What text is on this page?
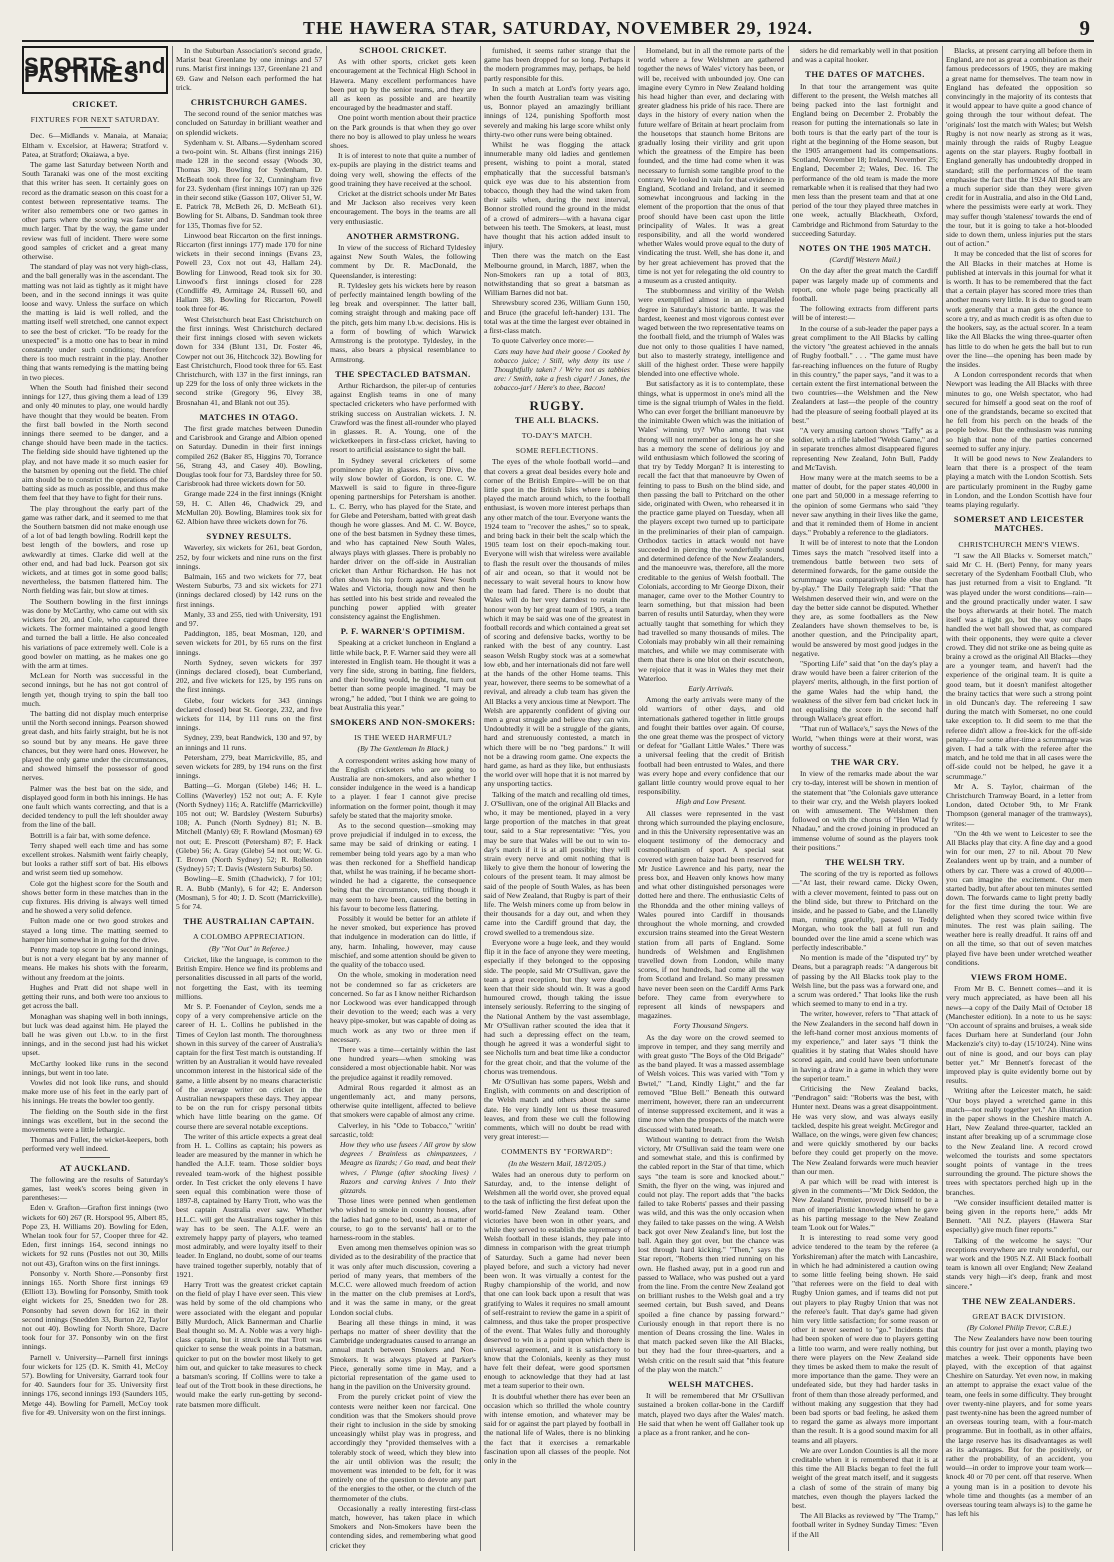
THE HAWERA STAR, SATURDAY, NOVEMBER 29, 1924.	9
SPORTS and PASTIMES
CRICKET.
FIXTURES FOR NEXT SATURDAY.

Dec. 6—Midlands v. Manaia, at Manaia; Eltham v. Excelsior, at Hawera; Stratford v. Patea, at Stratford; Okaiawa, a bye.

The game last Saturday between North and South Taranaki was one of the most exciting that this writer has seen. It certainly goes on record as the dramatic season on this coast for a contest between representative teams. The writer also remembers one or two games in other parts where the scoring was faster and much larger. That by the way, the game under review was full of incident. There were some good samples of cricket and a great many otherwise.

The standard of play was not very high-class, and the ball generally was in the ascendant. The matting was not laid as tightly as it might have been, and in the second innings it was quite loose and wavy. Unless the surface on which the matting is laid is well rolled, and the matting itself well stretched, one cannot expect to see the best of cricket. "To be ready for the unexpected" is a motto one has to bear in mind constantly under such conditions; therefore there is too much restraint in the play. Another thing that wants remedying is the matting being in two pieces.

When the South had finished their second innings for 127, thus giving them a lead of 139 and only 40 minutes to play, one would hardly have thought that they would be beaten. From the first ball bowled in the North second innings there seemed to be danger, and a change should have been made in the tactics. The fielding side should have tightened up the play, and not have made it so much easier for the batsmen by opening out the field. The chief aim should be to constrict the operations of the batting side as much as possible, and thus make them feel that they have to fight for their runs.

The play throughout the early part of the game was rather dark, and it seemed to me that the Southern batsmen did not make enough use of a lot of bad length bowling. Rodrill kept the best length of the bowlers, and rose up awkwardly at times. Clarke did well at the other end, and had bad luck. Pearson got six wickets, and at times got in some good balls; nevertheless, the batsmen flattered him. The North fielding was fair, but slow at times.

The Southern bowling in the first innings was done by McCarthy, who came out with six wickets for 20, and Cole, who captured three wickets. The former maintained a good length and turned the ball a little. He also concealed his variations of pace extremely well. Cole is a good bowler on matting, as he makes one go with the arm at times.

McLean for North was successful in the second innings, but he has not got control of length yet, though trying to spin the ball too much.

The batting did not display much enterprise until the North second innings. Pearson showed great dash, and hits fairly straight, but he is not so sound but by any means. He gave three chances, but they were hard ones. However, he played the only game under the circumstances, and showed himself the possessor of good nerves.

Palmer was the best bat on the side, and displayed good form in both his innings. He has one fault which wants correcting, and that is a decided tendency to pull the left shoulder away from the line of the ball.

Bottrill is a fair bat, with some defence.

Terry shaped well each time and has some excellent strokes. Nalsmith went fairly cheaply, but looks a rather stiff sort of bat. His elbows and wrist seem tied up somehow.

Cole got the highest score for the South and shows better form in these matches than in the cup fixtures. His driving is always well timed and he showed a very solid defence.

Fulton made one or two good strokes and stayed a long time. The matting seemed to hamper him somewhat in going for the drive.

Penny made top score in the second innings, but is not a very elegant bat by any manner of means. He makes his shots with the forearm, without any freedom at the joints.

Hughes and Pratt did not shape well in getting their runs, and both were too anxious to get across the ball.

Monaghan was shaping well in both innings, but luck was dead against him. He played the ball he was given out l.b.w. to in the first innings, and in the second just had his wicket upset.

McCarthy looked like runs in the second innings, but went in too late.

Vowles did not look like runs, and should make more use of his feet in the early part of his innings. He treats the bowler too gently.

The fielding on the South side in the first innings was excellent, but in the second the movements were a little lethargic.

Thomas and Fuller, the wicket-keepers, both performed very well indeed.

AT AUCKLAND.

The following are the results of Saturday's games, last week's scores being given in parentheses:—

Eden v. Grafton—Grafton first innings (two wickets for 60) 267 (R. Horspool 95, Albert 85, Pope 23, H. Williams 20). Bowling for Eden, Whelan took four for 57, Cooper three for 42. Eden, first innings 164, second innings no wickets for 92 runs (Postles not out 30, Mills not out 43), Grafton wins on the first innings.

Ponsonby v. North Shore.—Ponsonby first innings 165. North Shore first innings 69 (Elliott 13). Bowling for Ponsonby, Smith took eight wickets for 25, Snedden two for 28. Ponsonby had seven down for 162 in their second innings (Snedden 33, Burton 22, Taylor not out 40). Bowling for North Shore, Dacre took four for 37. Ponsonby win on the first innings.

Parnell v. University—Parnell first innings four wickets for 125 (D. K. Smith 41, McCoy 57). Bowling for University, Garrard took four for 40. Saunders four for 35. University first innings 176, second innings 193 (Saunders 105, Metge 44). Bowling for Parnell, McCoy took five for 49. University won on the first innings.

In the Suburban Association's second grade, Marist beat Greenlane by one innings and 57 runs. Marist first innings 137, Greenlane 21 and 69. Gaw and Nelson each performed the hat trick.

CHRISTCHURCH GAMES.

The second round of the senior matches was concluded on Saturday in brilliant weather and on splendid wickets.

Sydenham v. St. Albans.—Sydenham scored a two-point win. St. Albans (first innings 216) made 128 in the second essay (Woods 30, Thomas 30). Bowling for Sydenham, D. McBeath took three for 32, Cunningham five for 23. Sydenham (first innings 107) ran up 326 in their second stike (Gasson 107, Oliver 51, W. E. Patrick 78, McBeth 26, D. McBeath 61). Bowling for St. Albans, D. Sandman took three for 135, Thomas five for 52.

Linwood beat Riccarton on the first innings. Riccarton (first innings 177) made 170 for nine wickets in their second innings (Evans 23, Powell 23, Cox not out 43, Hallam 24). Bowling for Linwood, Read took six for 30. Linwood's first innings closed for 228 (Condliffe 49, Armitage 24, Russell 60, and Hallam 38). Bowling for Riccarton, Powell took three for 46.

West Christchurch beat East Christchurch on the first innings. West Christchurch declared their first innings closed with seven wickets down for 334 (Blunt 131, Dr. Foster 46, Cowper not out 36, Hitchcock 32). Bowling for East Christchurch, Flood took three for 65. East Christchurch, with 137 in the first innings, ran up 229 for the loss of only three wickets in the second strike (Gregory 96, Elvey 38, Brosnahan 41, and Blank not out 35).

MATCHES IN OTAGO.

The first grade matches between Dunedin and Carisbrook and Grange and Albion opened on Saturday. Dunedin in their first innings compiled 262 (Baker 85, Higgins 70, Torrance 56, Strang 43, and Casey 40). Bowling, Douglas took four for 73, Bardsley three for 50. Carisbrook had three wickets down for 50.

Grange made 224 in the first innings (Knight 59, H. C. Allen 46, Chadwick 29, and McMullan 20). Bowling, Blamires took six for 62. Albion have three wickets down for 76.

SYDNEY RESULTS.

Waverley, six wickets for 261, beat Gordon, 252, by four wickets and nine runs on the first innings.

Balmain, 165 and two wickets for 77, beat Western Suburbs, 73 and six wickets for 271 (innings declared closed) by 142 runs on the first innings.

Manly, 33 and 255, tied with University, 191 and 97.

Paddington, 185, beat Mosman, 120, and seven wickets for 201, by 65 runs on the first innings.

North Sydney, seven wickets for 397 (innings declared closed), beat Cumberland, 202, and five wickets for 125, by 195 runs on the first innings.

Glebe, four wickets for 343 (innings declared closed) beat St. George, 232, and five wickets for 114, by 111 runs on the first innings.

Sydney, 239, beat Randwick, 130 and 97, by an innings and 11 runs.

Petersham, 279, beat Marrickville, 85, and seven wickets for 289, by 194 runs on the first innings.

Batting—G. Morgan (Glebe) 146; H. L. Collins (Waverley) 152 not out; A. F. Kyle (North Sydney) 116; A. Ratcliffe (Marrickville) 105 not out; W. Bardsley (Western Suburbs) 108; A. Punch (North Sydney) 81; N. B. Mitchell (Manly) 69; F. Rowland (Mosman) 69 not out; E. Prescott (Petersham) 87; F. Hack (Glebe) 56; A. Gray (Glebe) 54 not out; W. G. T. Brown (North Sydney) 52; R. Rolleston (Sydney) 57; T. Davis (Western Suburbs) 50.

Bowling—E. Smith (Chadwick), 7 for 101; R. A. Bubb (Manly), 6 for 42; E. Anderson (Mosman), 5 for 40; J. D. Scott (Marrickville), 5 for 74.

THE AUSTRALIAN CAPTAIN.
A COLOMBO APPRECIATION.
(By "Not Out" in Referee.)

Cricket, like the language, is common to the British Empire. Hence we find its problems and personalities discussed in all parts of the world, not forgetting the East, with its teeming millions.

Mr S. P. Foenander of Ceylon, sends me a copy of a very comprehensive article on the career of H. L. Collins he published in the Times of Ceylon last month. The thoroughness shown in this survey of the career of Australia's captain for the first Test match is outstanding. If written by an Australian it would have revealed uncommon interest in the historical side of the game, a little absent by no means characteristic of the average writer on cricket in the Australian newspapers these days. They appear to be on the run for crispy personal titbits which have little bearing on the game. Of course there are several notable exceptions.

The writer of this article expects a great deal from H. L. Collins as captain; his powers as leader are measured by the manner in which he handled the A.I.F. team. Those soldier boys revealed team-work of the highest possible order. In Test cricket the only elevens I have seen equal this combination were those of 1897-8, captained by Harry Trott, who was the best captain Australia ever saw. Whether H.L.C. will get the Australians together in this way has to be seen. The A.I.F. were an extremely happy party of players, who teamed most admirably, and were loyalty itself to their leader. In England, no doubt, some of our teams have trained together superbly, notably that of 1921.

Harry Trott was the greatest cricket captain on the field of play I have ever seen. This view was held by some of the old champions who were associated with the elegant and popular Billy Murdoch, Alick Bannerman and Charlie Beal thought so. M. A. Noble was a very high-class captain, but it struck me that Trott was quicker to sense the weak points in a batsman, quicker to put on the bowler most likely to get him out, and quicker to take measures to check a batsman's scoring. If Collins were to take a leaf out of the Trott book in these directions, he would make the early run-getting by second-rate batsmen more difficult.

SCHOOL CRICKET.

As with other sports, cricket gets keen encouragement at the Technical High School in Hawera. Many excellent performances have been put up by the senior teams, and they are all as keen as possible and are heartily encouraged by the headmaster and staff.

One point worth mention about their practice on the Park grounds is that when they go over there no boy is allowed to play unless he wears shoes.

It is of interest to note that quite a number of ex-pupils are playing in the district teams and doing very well, showing the effects of the good training they have received at the school.

Cricket at the district schools under Mr Bates and Mr Jackson also receives very keen encouragement. The boys in the teams are all very enthusiastic.

ANOTHER ARMSTRONG.

In view of the success of Richard Tyldesley against New South Wales, the following comment by Dr. R. MacDonald, the Queenslander, is interesting:

R. Tyldesley gets his wickets here by reason of perfectly maintained length bowling of the leg break and overspinner. The latter ball, coming straight through and making pace off the pitch, gets him many l.b.w. decisions. His is a form of bowling of which Warwick Armstrong is the prototype. Tyldesley, in the mass, also bears a physical resemblance to Armstrong.

THE SPECTACLED BATSMAN.

Arthur Richardson, the piler-up of centuries against English teams in one of many spectacled cricketers who have performed with striking success on Australian wickets. J. N. Crawford was the finest all-rounder who played in glasses. R. A. Young, one of the wicketkeepers in first-class cricket, having to resort to artificial assistance to sight the ball.

In Sydney several cricketers of some prominence play in glasses. Percy Dive, the wily slow bowler of Gordon, is one. C. W. Maxwell is said to figure in three-figure opening partnerships for Petersham is another. L. C. Berry, who has played for the State, and for Glebe and Petersham, batted with great dash though he wore glasses. And M. C. W. Boyce, one of the best batsmen in Sydney these times, and who has captained New South Wales, always plays with glasses. There is probably no harder driver on the off-side in Australian cricket than Arthur Richardson. He has not often shown his top form against New South Wales and Victoria, though now and then he has settled into his best stride and revealed the punching power applied with greater consistency against the Englishmen.

P. F. WARNER'S OPTIMISM.

Speaking at a cricket luncheon in England a little while back, P. F. Warner said they were all interested in English team. He thought it was a very fine side, strong in batting, fine fielders, and their bowling would, he thought, turn out better than some people imagined. "I may be wrong," he added, "but I think we are going to beat Australia this year."

SMOKERS AND NON-SMOKERS:
IS THE WEED HARMFUL?
(By The Gentleman In Black.)

A correspondent writes asking how many of the English cricketers who are going to Australia are non-smokers, and also whether I consider indulgence in the weed is a handicap to a player. I fear I cannot give precise information on the former point, though it may safely be stated that the majority smoke.

As to the second question—smoking may prove prejudicial if indulged in to excess, the same may be said of drinking or eating. I remember being told years ago by a man who was then reckoned for a Sheffield handicap that, whilst he was training, if he became short-winded he had a cigarette, the consequence being that the circumstance, trifling though it may seem to have been, caused the betting in his favour to become less flattering.

Possibly it would be better for an athlete if he never smoked, but experience has proved that indulgence in moderation can do little, if any, harm. Inhaling, however, may cause mischief, and some attention should be given to the quality of the tobacco used.

On the whole, smoking in moderation need not be condemned so far as cricketers are concerned. So far as I know neither Richardson nor Lockwood was ever handicapped through their devotion to the weed; each was a very heavy pipe-smoker, but was capable of doing as much work as any two or three men if necessary.

There was a time—certainly within the last one hundred years—when smoking was considered a most objectionable habit. Nor was the prejudice against it readily removed.

Admiral Rous regarded it almost as an ungentlemanly act, and many persons, otherwise quite intelligent, affected to believe that smokers were capable of almost any crime.

Calverley, in his "Ode to Tobacco," 'writin' sarcastic, told:

How they who use fusees / All grow by slow degrees / Brainless as chimpanzees, / Meagre as lizards; / Go mad, and beat their wives, / Plunge (after shocking lives) / Razors and carving knives / Into their gizzards.

Those lines were penned when gentlemen who wished to smoke in country houses, after the ladies had gone to bed, used, as a matter of course, to go to the servants' hall or to the harness-room in the stables.

Even among men themselves opinion was so divided as to the desirability of the practice that it was only after much discussion, covering a period of many years, that members of the M.C.C. were allowed much freedom of action in the matter on the club premises at Lord's, and it was the same in many, or the great London social clubs.

Bearing all these things in mind, it was perhaps no matter of sheer devility that the Cambridge undergraduates caused to arrange an annual match between Smokers and Non-Smokers. It was always played at Parker's Piece, generally some time in May, and a pictorial representation of the game used to hang in the pavilion on the University ground.

From the purely cricket point of view the contests were neither keen nor farcical. One condition was that the Smokers should prove their right to inclusion in the side by smoking unceasingly whilst play was in progress, and accordingly they "provided themselves with a tolerably stock of weed, which they blew into the air until oblivion was the result; the movement was intended to be felt, for it was entirely one of the question to devote any part of the energies to the other, or the clutch of the thermometer of the clubs.

Occasionally a really interesting first-class match, however, has taken place in which Smokers and Non-Smokers have been the contending sides, and remembering what good cricket they

furnished, it seems rather strange that the game has been dropped for so long. Perhaps it the modern programmes may, perhaps, be held partly responsible for this.

In such a match at Lord's forty years ago, when the fourth Australian team was visiting us, Bonnor played an amazingly brilliant innings of 124, punishing Spofforth most severely and making his large score whilst only thirty-two other runs were being obtained.

Whilst he was flogging the attack innumerable many old ladies and gentlemen present, wishing to point a moral, stated emphatically that the successful batsman's quick eye was due to his abstention from tobacco, though they had the wind taken from their sails when, during the next interval, Bonnor strolled round the ground in the midst of a crowd of admirers—with a havana cigar between his teeth. The Smokers, at least, must have thought that his action added insult to injury.

Then there was the match on the East Melbourne ground, in March, 1887, when the Non-Smokers ran up a total of 803, notwithstanding that so great a batsman as William Barnes did not bat.

Shrewsbury scored 236, William Gunn 150, and Bruce (the graceful left-hander) 131. The total was at the time the largest ever obtained in a first-class match.

To quote Calverley once more:—

Cats may have had their goose / Cooked by tobacco juice; / Still, why deny its use / Thoughtfully taken? / We're not as tabbies are: / Smith, take a fresh cigar! / Jones, the tobacco-jar! / Here's to thee, Bacon!

RUGBY.
THE ALL BLACKS.
TO-DAY'S MATCH.
SOME REFLECTIONS.

The eyes of the whole football world—and that covers a great deal besides every hole and corner of the British Empire—will be on that little spot in the British Isles where is being played the match around which, to the football enthusiast, is woven more interest perhaps than any other match of the tour. Everyone wants the 1924 team to "recover the ashes," so to speak, and bring back in their belt the scalp which the 1905 team lost on their epoch-making tour. Everyone will wish that wireless were available to flash the result over the thousands of miles of air and ocean, so that it would not be necessary to wait several hours to know how the team had fared. There is no doubt that Wales will do her very darndest to retain the honour won by her great team of 1905, a team which it may be said was one of the greatest in football records and which contained a great set of scoring and defensive backs, worthy to be ranked with the best of any country. Last season Welsh Rugby stock was at a somewhat low ebb, and her internationals did not fare well at the hands of the other Home teams. This year, however, there seems to be somewhat of a revival, and already a club team has given the All Blacks a very anxious time at Newport. The Welsh are apparently confident of giving our men a great struggle and believe they can win. Undoubtedly it will be a struggle of the giants, hard and strenuously contested, a match in which there will be no "beg pardons." It will not be a drawing room game. One expects the hard game, as hard as they like, but enthusiasts the world over will hope that it is not marred by any unsporting tactics.

Talking of the match and recalling old times, J. O'Sullivan, one of the original All Blacks and who, it may be mentioned, played in a very large proportion of the matches in that great tour, said to a Star representative: "Yes, you may be sure that Wales will be out to win to-day's match if it is at all possible; they will strain every nerve and omit nothing that is likely to give them the honour of lowering the colours of the present team. It may almost be said of the people of South Wales, as has been said of New Zealand, that Rugby is part of their life. The Welsh miners come up from below in their thousands for a day out, and when they came into the Cardiff ground that day, the crowd swelled to a tremendous size.

Everyone wore a huge leek, and they would flip it in the face of anyone they were meeting, especially if they belonged to the opposing side. The people, said Mr O'Sullivan, gave the team a great reception, but they were deadly keen that their side should win. It was a good humoured crowd, though taking the issue intensely seriously. Referring to the singing of the National Anthem by the vast assemblage, Mr O'Sullivan rather scouted the idea that it had such a depressing effect on the team, though he agreed it was a wonderful sight to see Nicholls turn and beat time like a conductor for the great choir, and that the volume of the chorus was tremendous.

Mr O'Sullivan has some papers, Welsh and English, with comments on and description of the Welsh match and others about the same date. He very kindly lent us these treasured leaves, and from these we cull the following comments, which will no doubt be read with very great interest:—

COMMENTS BY "FORWARD":
(In the Western Mail, 18/12/05.)

Wales had an onerous duty to perform on Saturday, and, to the intense delight of Welshmen all the world over, she proved equal to the task of inflicting the first defeat upon the world-famed New Zealand team. Other victories have been won in other years, and while they served to establish the supremacy of Welsh football in these islands, they pale into dimness in comparison with the great triumph of Saturday. Such a game had never been played before, and such a victory had never been won. It was virtually a contest for the Rugby championship of the world, and now that one can look back upon a result that was gratifying to Wales it requires no small amount of self-restraint to review the game in a spirit of calmness, and thus take the proper prospective of the event. That Wales fully and thoroughly deserved to win is a point upon which there is universal agreement, and it is satisfactory to know that the Colonials, keenly as they must have felt their defeat, were good sportsmen enough to acknowledge that they had at last met a team superior to their own.

It is doubtful whether there has ever been an occasion which so thrilled the whole country with intense emotion, and whatever may be said for or against the part played by football in the national life of Wales, there is no blinking the fact that it exercises a remarkable fascination upon all classes of the people. Not only in the

Homeland, but in all the remote parts of the world where a few Welshmen are gathered together the news of Wales' victory has been, or will be, received with unbounded joy. One can imagine every Cymro in New Zealand holding his head higher than ever, and declaring with greater gladness his pride of his race. There are days in the history of every nation when the future welfare of Britain at heart proclaim from the housetops that staunch home Britons are gradually losing their virility and grit upon which the greatness of the Empire has been founded, and the time had come when it was necessary to furnish some tangible proof to the contrary. We looked in vain for that evidence in England, Scotland and Ireland, and it seemed somewhat incongruous and lacking in the element of the proportion that the onus of that proof should have been cast upon the little principality of Wales. It was a great responsibility, and all the world wondered whether Wales would prove equal to the duty of vindicating the trust. Well, she has done it, and by her great achievement has proved that the time is not yet for relegating the old country to a museum as a crusted antiquity.

The stubbornness and virility of the Welsh were exemplified almost in an unparalleled degree in Saturday's historic battle. It was the hardest, keenest and most vigorous contest ever waged between the two representative teams on the football field, and the triumph of Wales was due not only to those qualities I have named, but also to masterly strategy, intelligence and skill of the highest order. These were happily blended into one effective whole.

But satisfactory as it is to contemplate, these things, what is uppermost in one's mind all the time is the signal triumph of Wales in the field. Who can ever forget the brilliant manoeuvre by the inimitable Owen which was the initiation of Wales' winning try? Who among that vast throng will not remember as long as he or she has a memory the scene of delirious joy and wild enthusiasm which followed the scoring of that try by Teddy Morgan? It is interesting to recall the fact that that manoeuvre by Owen of feinting to pass to Bush on the blind side, and then passing the ball to Pritchard on the other side, originated with Owen, who rehearsed it in the practice game played on Tuesday, when all the players except two turned up to participate in the preliminaries of their plan of campaign. Orthodox tactics in attack would not have succeeded in piercing the wonderfully sound and determined defence of the New Zealanders, and the manoeuvre was, therefore, all the more creditable to the genius of Welsh football. The Colonials, according to Mr George Dixon, their manager, came over to the Mother Country to learn something, but that mission had been barren of results until Saturday, when they were actually taught that something for which they had travelled so many thousands of miles. The Colonials may probably win all their remaining matches, and while we may commiserate with them that there is one blot on their escutcheon, we rejoice that it was in Wales they met their Waterloo.

Early Arrivals.

Among the early arrivals were many of the old warriors of other days, and old internationals gathered together in little groups and fought their battles over again. Of course, the one great theme was the prospect of victory or defeat for "Gallant Little Wales." There was a universal feeling that the credit of British football had been entrusted to Wales, and there was every hope and every confidence that our gallant little country would prove equal to her responsibility.

High and Low Present.

All classes were represented in the vast throng which surrounded the playing enclosure, and in this the University representative was an eloquent testimony of the democracy and cosmopolitanism of sport. A special seat covered with green baize had been reserved for Mr Justice Lawrence and his party, near the press box, and Heaven only knows how many and what other distinguished personages were dotted here and there. The enthusiastic Celts of the Rhondda and the other mining valleys of Wales poured into Cardiff in thousands throughout the whole morning, and crowded excursion trains steamed into the Great Western station from all parts of England. Some hundreds of Welshmen and Englishmen travelled down from London, while many scores, if not hundreds, had come all the way from Scotland and Ireland. So many pressmen have never been seen on the Cardiff Arms Park before. They came from everywhere to represent all kinds of newspapers and magazines.

Forty Thousand Singers.

As the day wore on the crowd seemed to improve in temper, and they sang merrily and with great gusto "The Boys of the Old Brigade" as the band played. It was a massed assemblage of Welsh voices. This was varied with "Tom y Bwtel," "Land, Kindly Light," and the far removed "Blue Bell." Beneath this outward merriment, however, there ran an undercurrent of intense suppressed excitement, and it was a time now when the prospects of the match were discussed with bated breath.

Without wanting to detract from the Welsh victory, Mr O'Sullivan said the team were one and somewhat stale, and this is confirmed by the cabled report in the Star of that time, which says "the team is sore and knocked about." Smith, the flyer on the wing, was injured and could not play. The report adds that "the backs failed to take Roberts' passes and their passing was wild, and this was the only occasion when they failed to take passes on the wing. A Welsh back got over New Zealand's line, but lost the ball. Again they got over, but the chance was lost through hard kicking." "Then," says the Star report, "Roberts then tried running on his own. He flashed away, put in a good run and passed to Wallace, who was pushed out a yard from the line. From the centre New Zealand got on brilliant rushes to the Welsh goal and a try seemed certain, but Bush saved, and Deans spoiled a fine chance by passing forward." Curiously enough in that report there is no mention of Deans crossing the line. Wales in that match packed seven like the All Blacks, but they had the four three-quarters, and a Welsh critic on the result said that "this feature of the play won the match."

WELSH MATCHES.

It will be remembered that Mr O'Sullivan sustained a broken collar-bone in the Cardiff match, played two days after the Wales' match. He said that when he went off Gallaher took up a place as a front ranker, and he con-

siders he did remarkably well in that position and was a capital hooker.

THE DATES OF MATCHES.

In that tour the arrangement was quite different to the present, the Welsh matches all being packed into the last fortnight and England being on December 2. Probably the reason for putting the internationals so late in both tours is that the early part of the tour is right at the beginning of the Home season, but the 1905 arrangement had its compensations. Scotland, November 18; Ireland, November 25; England, December 2; Wales, Dec. 16. The performance of the old team is made the more remarkable when it is realised that they had two men less than the present team and that at one period of the tour they played three matches in one week, actually Blackheath, Oxford, Cambridge and Richmond from Saturday to the succeeding Saturday.

NOTES ON THE 1905 MATCH.
(Cardiff Western Mail.)

On the day after the great match the Cardiff paper was largely made up of comments and report, one whole page being practically all football.

The following extracts from different parts will be of interest:—

In the course of a sub-leader the paper pays a great compliment to the All Blacks by calling the victory "the greatest achieved in the annals of Rugby football." . . . "The game must have far-reaching influences on the future of Rugby in this country," the paper says, "and it was to a certain extent the first international between the two countries—the Welshmen and the New Zealanders at last—the people of the country had the pleasure of seeing football played at its best."

"A very amusing cartoon shows "Taffy" as a soldier, with a rifle labelled "Welsh Game," and in separate trenches almost disappeared figures representing New Zealand, John Bull, Paddy and McTavish.

How many were at the match seems to be a matter of doubt, for the paper states 40,000 in one part and 50,000 in a message referring to the opinion of some Germans who said "they never saw anything in their lives like the game, and that it reminded them of Home in ancient days." Probably a reference to the gladiators.

It will be of interest to note that the London Times says the match "resolved itself into a tremendous battle between two sets of determined forwards, for the game outside the scrummage was comparatively little else than by-play." The Daily Telegraph said: "That the Welshmen deserved their win, and were on the day the better side cannot be disputed. Whether they are, as some footballers as the New Zealanders have shown themselves to be, is another question, and the Principality apart, would be answered by most good judges in the negative.

"Sporting Life" said that "on the day's play a draw would have been a fairer criterion of the players' merits, although, in the first portion of the game Wales had the whip hand, the weakness of the silver fern bad cricket luck in not equalising the score in the second half through Wallace's great effort.

"That run of Wallace's," says the News of the World, "when things were at their worst, was worthy of success."

THE WAR CRY.

In view of the remarks made about the war cry to-day, interest will be shown in mention of the statement that "the Colonials gave utterance to their war cry, and the Welsh players looked on with amusement. The Welshmen then followed on with the chorus of "Hen Wlad fy Nhadau," and the crowd joining in produced an immense volume of sound as the players took their positions."

THE WELSH TRY.

The scoring of the try is reported as follows—"At last, their reward came. Dicky Owen, with a clever movement, feinted to pass out on the blind side, but threw to Pritchard on the inside, and he passed to Gabe, and the Llanelly man, running gracefully, passed to Teddy Morgan, who took the ball at full run and bounded over the line amid a scene which was perfectly indescribable."

No mention is made of the "disputed try" by Deans, but a paragraph reads: "A dangerous bit of passing by the All Blacks took play to the Welsh line, but the pass was a forward one, and a scrum was ordered." That looks like the rush which seemed to many to end in a try.

The writer, however, refers to "That attack of the New Zealanders in the second half down in the left-hand corner most anxious moments of my experience," and later says "I think the qualities it by stating that Wales should have scored again, and could have been unfortunate in having a draw in a game in which they were the superior team."

Criticising the New Zealand backs, "Pendragon" said: "Roberts was the best, with Hunter next. Deans was a great disappointment. He was very slow, and was always easily tackled, despite his great weight. McGregor and Wallace, on the wings, were given few chances; and were quickly smothered by our backs before they could get properly on the move. The New Zealand forwards were much heavier than our men.

A par which will be read with interest is given in the comments—"Mr Dick Seddon, the New Zealand Premier, proved himself to be a man of imperialistic knowledge when he gave as his parting message to the New Zealand team 'Look out for Wales.'"

It is interesting to read some very good advice tendered to the team by the referee (a Yorkshireman) after the match with Lancashire, in which he had administered a caution owing to some little feeling being shown. He said "that referees were on the field to deal with Rugby Union games, and if teams did not put out players to play Rugby Union that was not the referee's fault. That day's game had given him very little satisfaction; for some reason or other it never seemed to "go." Incidents that had been spoken of were due to players getting a little too warm, and were really nothing, but there were players on the New Zealand side they times be asked them to make the result of more importance than the game. They were an undefeated side, but they had harder tasks in front of them than those already performed, and without making any suggestion that they had been bad sports or bad feeling, he asked them to regard the game as always more important than the result. It is a good sound maxim for all teams and all players.

We are over London Counties is all the more creditable when it is remembered that it is at this time the All Blacks began to feel the full weight of the great match itself, and it suggests a clash of some of the strain of many big matches, even though the players lacked the best.

The All Blacks as reviewed by "The Tramp," football writer in Sydney Sunday Times: "Even if the All

Blacks, at present carrying all before them in England, are not as great a combination as their famous predecessors of 1905, they are making a great name for themselves. The team now in England has defeated the opposition so convincingly in the majority of its contests that it would appear to have quite a good chance of going through the tour without defeat. The 'originals' lost the match with Wales; but Welsh Rugby is not now nearly as strong as it was, mainly through the raids of Rugby League agents on the star players. Rugby football in England generally has undoubtedly dropped in standard; still the performances of the team emphasise the fact that the 1924 All Blacks are a much superior side than they were given credit for in Australia, and also in the Old Land, where the pessimists were early at work. They may suffer though 'staleness' towards the end of the tour, but it is going to take a hot-blooded side to down them, unless injuries put the stars out of action."

It may be conceded that the list of scores for the All Blacks in their matches at Home is published at intervals in this journal for what it is worth. It has to be remembered that the fact that a certain player has scored more tries than another means very little. It is due to good team work generally that a man gets the chance to score a try, and as much credit is as often due to the hookers, say, as the actual scorer. In a team like the All Blacks the wing three-quarter often has little to do when he gets the ball but to run over the line—the opening has been made by the insides.

A London correspondent records that when Newport was leading the All Blacks with three minutes to go, one Welsh spectator, who had secured for himself a good seat on the roof of one of the grandstands, became so excited that he fell from his perch on the heads of the people below. But the enthusiasm was running so high that none of the parties concerned seemed to suffer any injury.

It will be good news to New Zealanders to learn that there is a prospect of the team playing a match with the London Scottish. Sets are particularly prominent in the Rugby game in London, and the London Scottish have four teams playing regularly.

SOMERSET AND LEICESTER MATCHES.
CHRISTCHURCH MEN'S VIEWS.

"I saw the All Blacks v. Somerset match," said Mr C. H. (Bert) Penny, for many years secretary of the Sydenham Football Club, who has just returned from a visit to England. "It was played under the worst conditions—rain—and the ground practically under water. I saw the boys afterwards at their hotel. The match itself was a tight go, but the way our chaps handled the wet ball showed that, as compared with their opponents, they were quite a clever crowd. They did not strike one as being quite as brainy a crowd as the original All Blacks—they are a younger team, and haven't had the experience of the original team. It is quite a good team, but it doesn't manifest altogether the brainy tactics that were such a strong point in old Duncan's day. The refereeing I saw during the match with Somerset, no one could take exception to. It did seem to me that the referee didn't allow a free-kick for the off-side penalty—for some after-time a scrummage was given. I had a talk with the referee after the match, and he told me that in all cases were the off-side could not be helped, he gave it a scrummage."

Mr A. S. Taylor, chairman of the Christchurch Tramway Board, in a letter from London, dated October 9th, to Mr Frank Thompson (general manager of the tramways), writes:—

"On the 4th we went to Leicester to see the All Blacks play that city. A fine day and a good win for our men, 27 to nil. About 70 New Zealanders went up by train, and a number of others by car. There was a crowd of 40,000—you can imagine the excitement. Our men started badly, but after about ten minutes settled down. The forwards came to light pretty badly for the first time during the tour. We are delighted when they scored twice within five minutes. The rest was plain sailing. The weather here is really dreadful. It rains off and on all the time, so that out of seven matches played five have been under wretched weather conditions.

VIEWS FROM HOME.

From Mr B. C. Bennett comes—and it is very much appreciated, as have been all his news—a copy of the Daily Mail of October 18 (Manchester edition). In a note to us he says: "On account of sprains and bruises, a weak side faces Durham here at Sunderland (our John Mackenzie's city) to-day (15/10/24). Nine wins out of nine is good, and our boys can play better yet." Mr Bennett's forecast of the improved play is quite evidently borne out by results.

Writing after the Leicester match, he said: "Our boys played a wretched game in this match—not really together yet." An illustration in the paper shows in the Cheshire match A. Hart, New Zealand three-quarter, tackled an instant after breaking up of a scrummage close to the New Zealand line. A record crowd welcomed the tourists and some spectators sought points of vantage in the trees surrounding the ground. The picture shows the trees with spectators perched high up in the branches.

"We consider insufficient detailed matter is being given in the reports here," adds Mr Bennett. "All N.Z. players (Hawera Star especially) give much finer reports."

Talking of the welcome he says: "Our receptions everywhere are truly wonderful, our war work and the 1905 N.Z. All Black football team is known all over England; New Zealand stands very high—it's deep, frank and most sincere."

THE NEW ZEALANDERS.
GREAT BACK DIVISION.
(By Colonel Philip Trevor, C.B.E.)

The New Zealanders have now been touring this country for just over a month, playing two matches a week. Their opponents have been played, with the exception of that against Cheshire on Saturday. Yet even now, in making an attempt to appraise the exact value of the team, one feels in some difficulty. They brought over twenty-nine players, and for some years past twenty-nine has been the agreed number of an overseas touring team, with a four-match programme. But in football, as in other affairs, the large reserve has its disadvantages as well as its advantages. But for the positively, or rather the probability, of an accident, you would—in order to improve your team work—knock 40 or 70 per cent. off that reserve. When a young man is in a position to devote his whole time and thoughts (as a member of an overseas touring team always is) to the game he has left his
